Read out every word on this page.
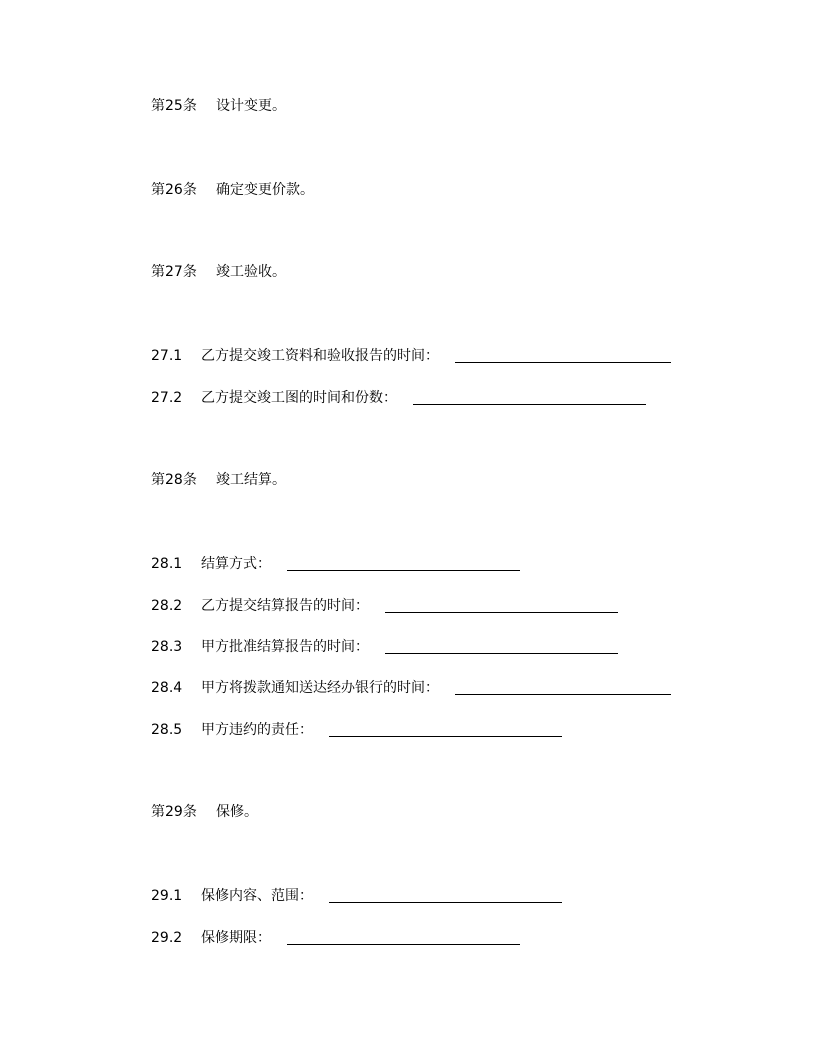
第25条	设计变更。
第26条	确定变更价款。
第27条	竣工验收。
27.1	乙方提交竣工资料和验收报告的时间：
27.2	乙方提交竣工图的时间和份数：
第28条	竣工结算。
28.1	结算方式：
28.2	乙方提交结算报告的时间：
28.3	甲方批准结算报告的时间：
28.4	甲方将拨款通知送达经办银行的时间：
28.5	甲方违约的责任：
第29条	保修。
29.1	保修内容、范围：
29.2	保修期限：
